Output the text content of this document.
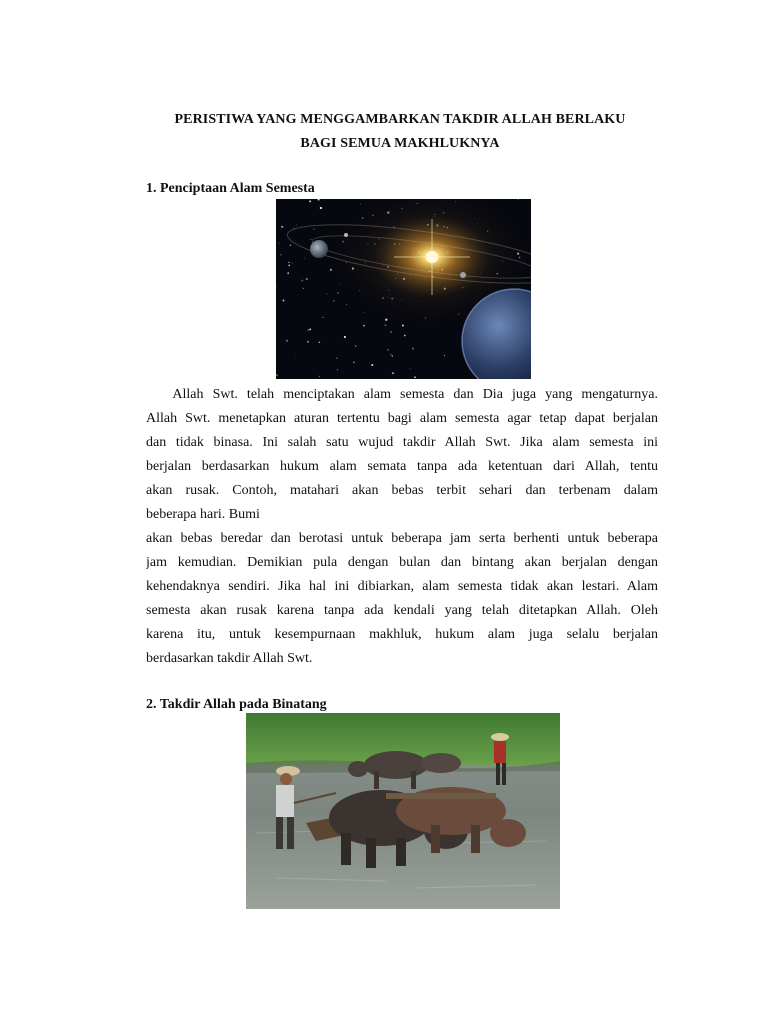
PERISTIWA YANG MENGGAMBARKAN TAKDIR ALLAH BERLAKU
BAGI SEMUA MAKHLUKNYA
1. Penciptaan Alam Semesta
Allah Swt. telah menciptakan alam semesta dan Dia juga yang mengaturnya.
Allah Swt. menetapkan aturan tertentu bagi alam semesta agar tetap dapat berjalan
dan tidak binasa. Ini salah satu wujud takdir Allah Swt. Jika alam semesta ini
berjalan berdasarkan hukum alam semata tanpa ada ketentuan dari Allah, tentu
akan rusak. Contoh, matahari akan bebas terbit sehari dan terbenam dalam
beberapa hari. Bumi
akan bebas beredar dan berotasi untuk beberapa jam serta berhenti untuk beberapa
jam kemudian. Demikian pula dengan bulan dan bintang akan berjalan dengan
kehendaknya sendiri. Jika hal ini dibiarkan, alam semesta tidak akan lestari. Alam
semesta akan rusak karena tanpa ada kendali yang telah ditetapkan Allah. Oleh
karena itu, untuk kesempurnaan makhluk, hukum alam juga selalu berjalan
berdasarkan takdir Allah Swt.
2. Takdir Allah pada Binatang
